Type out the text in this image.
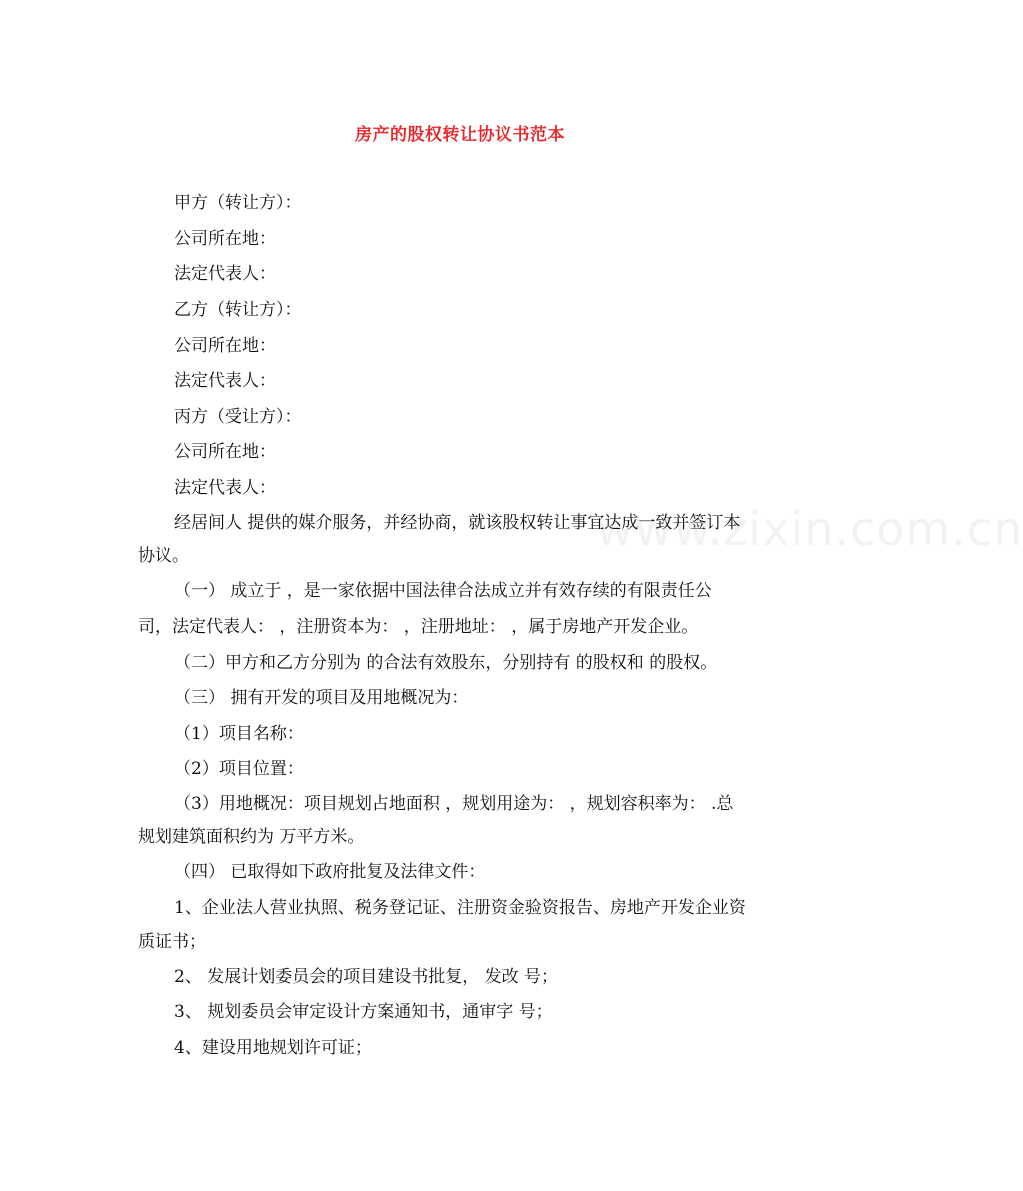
www.zixin.com.cn
房产的股权转让协议书范本
甲方（转让方）：
公司所在地：
法定代表人：
乙方（转让方）：
公司所在地：
法定代表人：
丙方（受让方）：
公司所在地：
法定代表人：
经居间人 提供的媒介服务，并经协商，就该股权转让事宜达成一致并签订本
协议。
（一） 成立于 ，是一家依据中国法律合法成立并有效存续的有限责任公
司，法定代表人： ，注册资本为： ，注册地址： ，属于房地产开发企业。
（二）甲方和乙方分别为 的合法有效股东，分别持有 的股权和 的股权。
（三） 拥有开发的项目及用地概况为：
（1）项目名称：
（2）项目位置：
（3）用地概况：项目规划占地面积 ，规划用途为： ，规划容积率为： .总
规划建筑面积约为 万平方米。
（四） 已取得如下政府批复及法律文件：
1、企业法人营业执照、税务登记证、注册资金验资报告、房地产开发企业资
质证书；
2、 发展计划委员会的项目建设书批复， 发改 号；
3、 规划委员会审定设计方案通知书，通审字 号；
4、建设用地规划许可证；
